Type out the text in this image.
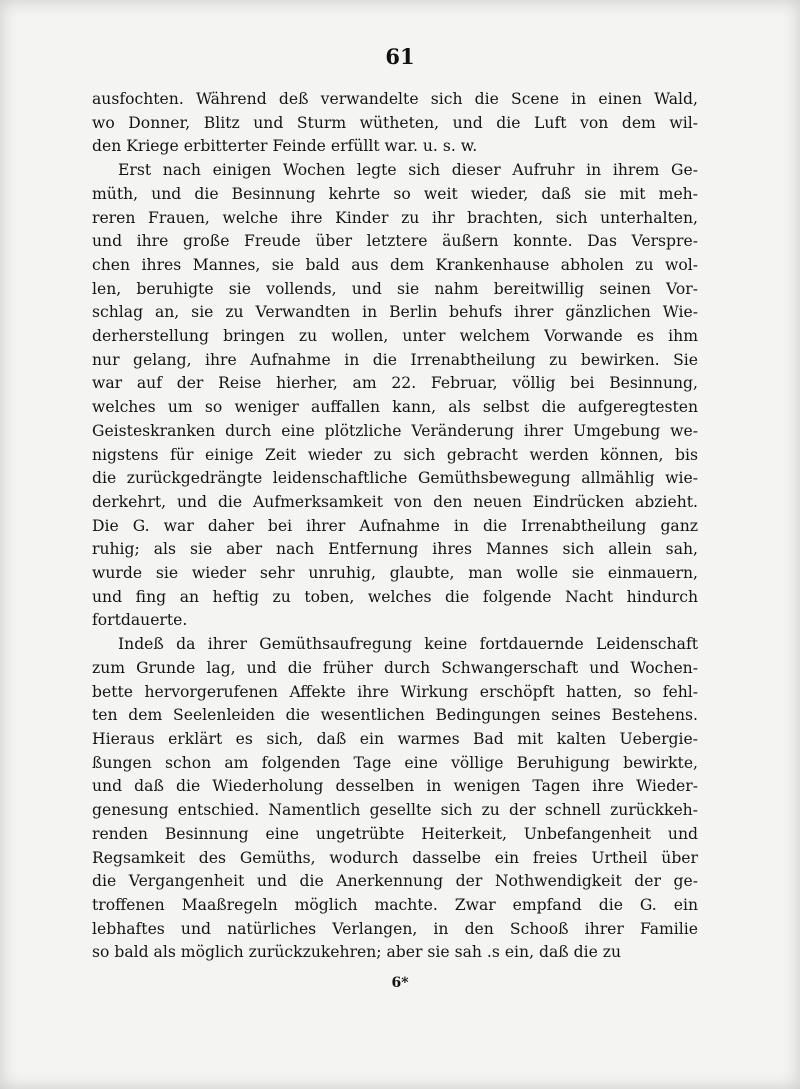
61
ausfochten. Während deß verwandelte sich die Scene in einen Wald,
wo Donner, Blitz und Sturm wütheten, und die Luft von dem wil-
den Kriege erbitterter Feinde erfüllt war. u. s. w.
Erst nach einigen Wochen legte sich dieser Aufruhr in ihrem Ge-
müth, und die Besinnung kehrte so weit wieder, daß sie mit meh-
reren Frauen, welche ihre Kinder zu ihr brachten, sich unterhalten,
und ihre große Freude über letztere äußern konnte. Das Verspre-
chen ihres Mannes, sie bald aus dem Krankenhause abholen zu wol-
len, beruhigte sie vollends, und sie nahm bereitwillig seinen Vor-
schlag an, sie zu Verwandten in Berlin behufs ihrer gänzlichen Wie-
derherstellung bringen zu wollen, unter welchem Vorwande es ihm
nur gelang, ihre Aufnahme in die Irrenabtheilung zu bewirken. Sie
war auf der Reise hierher, am 22. Februar, völlig bei Besinnung,
welches um so weniger auffallen kann, als selbst die aufgeregtesten
Geisteskranken durch eine plötzliche Veränderung ihrer Umgebung we-
nigstens für einige Zeit wieder zu sich gebracht werden können, bis
die zurückgedrängte leidenschaftliche Gemüthsbewegung allmählig wie-
derkehrt, und die Aufmerksamkeit von den neuen Eindrücken abzieht.
Die G. war daher bei ihrer Aufnahme in die Irrenabtheilung ganz
ruhig; als sie aber nach Entfernung ihres Mannes sich allein sah,
wurde sie wieder sehr unruhig, glaubte, man wolle sie einmauern,
und fing an heftig zu toben, welches die folgende Nacht hindurch
fortdauerte.
Indeß da ihrer Gemüthsaufregung keine fortdauernde Leidenschaft
zum Grunde lag, und die früher durch Schwangerschaft und Wochen-
bette hervorgerufenen Affekte ihre Wirkung erschöpft hatten, so fehl-
ten dem Seelenleiden die wesentlichen Bedingungen seines Bestehens.
Hieraus erklärt es sich, daß ein warmes Bad mit kalten Uebergie-
ßungen schon am folgenden Tage eine völlige Beruhigung bewirkte,
und daß die Wiederholung desselben in wenigen Tagen ihre Wieder-
genesung entschied. Namentlich gesellte sich zu der schnell zurückkeh-
renden Besinnung eine ungetrübte Heiterkeit, Unbefangenheit und
Regsamkeit des Gemüths, wodurch dasselbe ein freies Urtheil über
die Vergangenheit und die Anerkennung der Nothwendigkeit der ge-
troffenen Maaßregeln möglich machte. Zwar empfand die G. ein
lebhaftes und natürliches Verlangen, in den Schooß ihrer Familie
so bald als möglich zurückzukehren; aber sie sah .s ein, daß die zu
6*
